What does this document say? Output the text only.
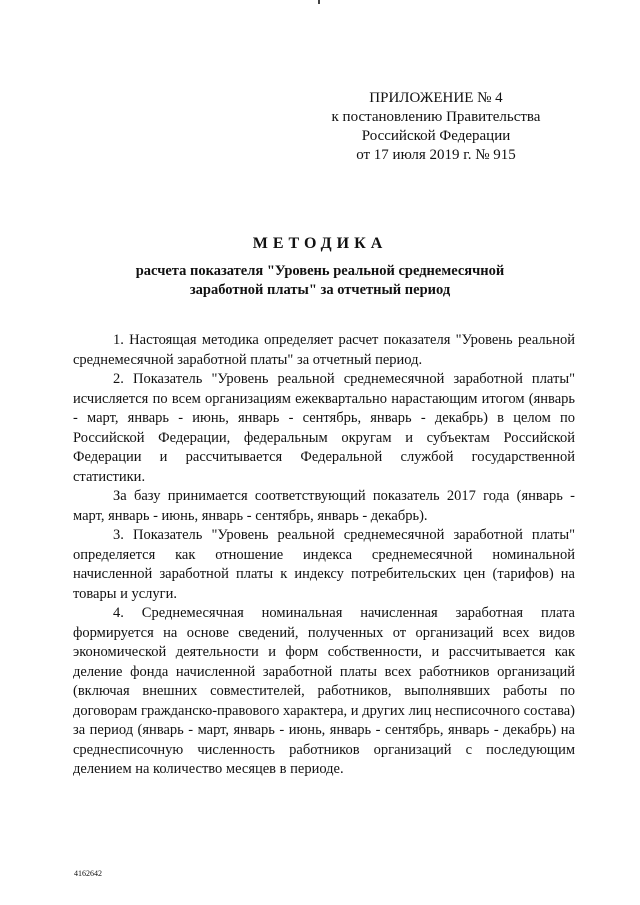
ПРИЛОЖЕНИЕ № 4
к постановлению Правительства
Российской Федерации
от 17 июля 2019 г. № 915
МЕТОДИКА
расчета показателя "Уровень реальной среднемесячной заработной платы" за отчетный период

1. Настоящая методика определяет расчет показателя "Уровень реальной среднемесячной заработной платы" за отчетный период.

2. Показатель "Уровень реальной среднемесячной заработной платы" исчисляется по всем организациям ежеквартально нарастающим итогом (январь - март, январь - июнь, январь - сентябрь, январь - декабрь) в целом по Российской Федерации, федеральным округам и субъектам Российской Федерации и рассчитывается Федеральной службой государственной статистики.

За базу принимается соответствующий показатель 2017 года (январь - март, январь - июнь, январь - сентябрь, январь - декабрь).

3. Показатель "Уровень реальной среднемесячной заработной платы" определяется как отношение индекса среднемесячной номинальной начисленной заработной платы к индексу потребительских цен (тарифов) на товары и услуги.

4. Среднемесячная номинальная начисленная заработная плата формируется на основе сведений, полученных от организаций всех видов экономической деятельности и форм собственности, и рассчитывается как деление фонда начисленной заработной платы всех работников организаций (включая внешних совместителей, работников, выполнявших работы по договорам гражданско-правового характера, и других лиц несписочного состава) за период (январь - март, январь - июнь, январь - сентябрь, январь - декабрь) на среднесписочную численность работников организаций с последующим делением на количество месяцев в периоде.

4162642
